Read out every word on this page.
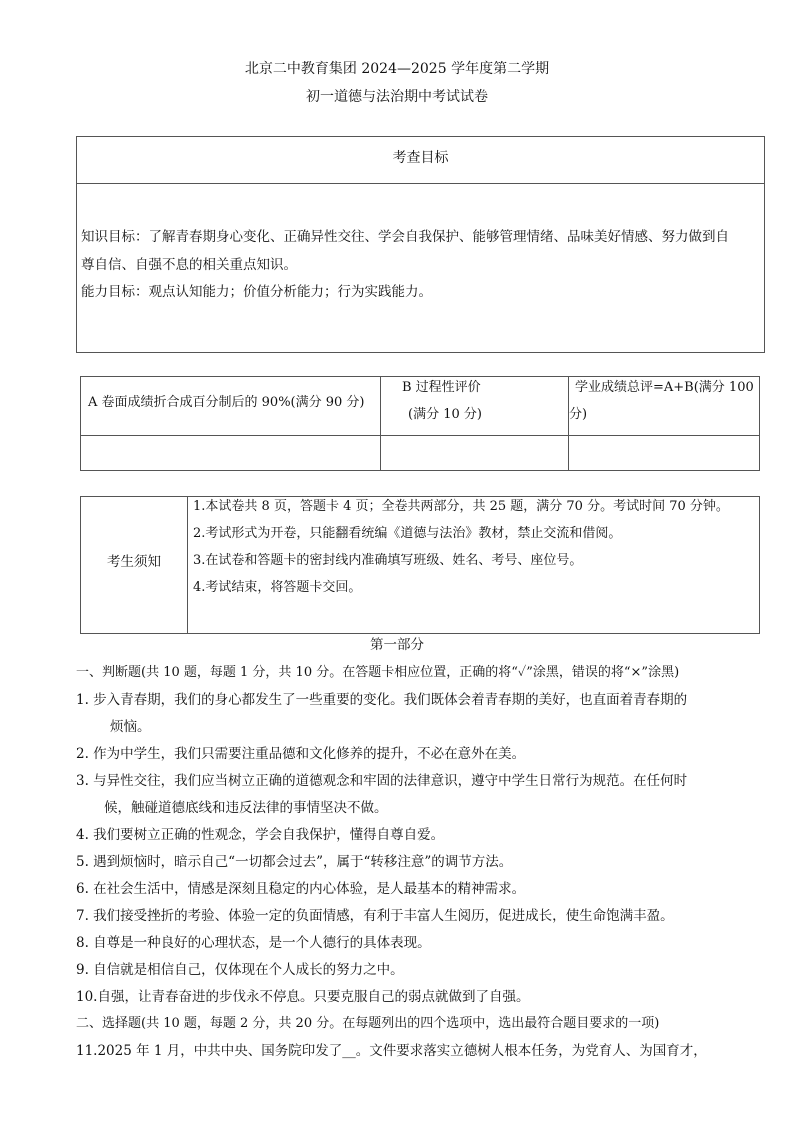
北京二中教育集团 2024—2025 学年度第二学期
初一道德与法治期中考试试卷
考查目标
知识目标：了解青春期身心变化、正确异性交往、学会自我保护、能够管理情绪、品味美好情感、努力做到自
尊自信、自强不息的相关重点知识。
能力目标：观点认知能力；价值分析能力；行为实践能力。
A 卷面成绩折合成百分制后的 90%(满分 90 分)
B 过程性评价
(满分 10 分)
学业成绩总评=A+B(满分 100
分)
考生须知
1.本试卷共 8 页，答题卡 4 页；全卷共两部分，共 25 题，满分 70 分。考试时间 70 分钟。
2.考试形式为开卷，只能翻看统编《道德与法治》教材，禁止交流和借阅。
3.在试卷和答题卡的密封线内准确填写班级、姓名、考号、座位号。
4.考试结束，将答题卡交回。
第一部分
一、判断题(共 10 题，每题 1 分，共 10 分。在答题卡相应位置，正确的将“✓”涂黑，错误的将“×”涂黑)
1. 步入青春期，我们的身心都发生了一些重要的变化。我们既体会着青春期的美好，也直面着青春期的
烦恼。
2. 作为中学生，我们只需要注重品德和文化修养的提升，不必在意外在美。
3. 与异性交往，我们应当树立正确的道德观念和牢固的法律意识，遵守中学生日常行为规范。在任何时
候，触碰道德底线和违反法律的事情坚决不做。
4. 我们要树立正确的性观念，学会自我保护，懂得自尊自爱。
5. 遇到烦恼时，暗示自己“一切都会过去”，属于“转移注意”的调节方法。
6. 在社会生活中，情感是深刻且稳定的内心体验，是人最基本的精神需求。
7. 我们接受挫折的考验、体验一定的负面情感，有利于丰富人生阅历，促进成长，使生命饱满丰盈。
8. 自尊是一种良好的心理状态，是一个人德行的具体表现。
9. 自信就是相信自己，仅体现在个人成长的努力之中。
10.自强，让青春奋进的步伐永不停息。只要克服自己的弱点就做到了自强。
二、选择题(共 10 题，每题 2 分，共 20 分。在每题列出的四个选项中，选出最符合题目要求的一项)
11.2025 年 1 月，中共中央、国务院印发了__。文件要求落实立德树人根本任务，为党育人、为国育才，
